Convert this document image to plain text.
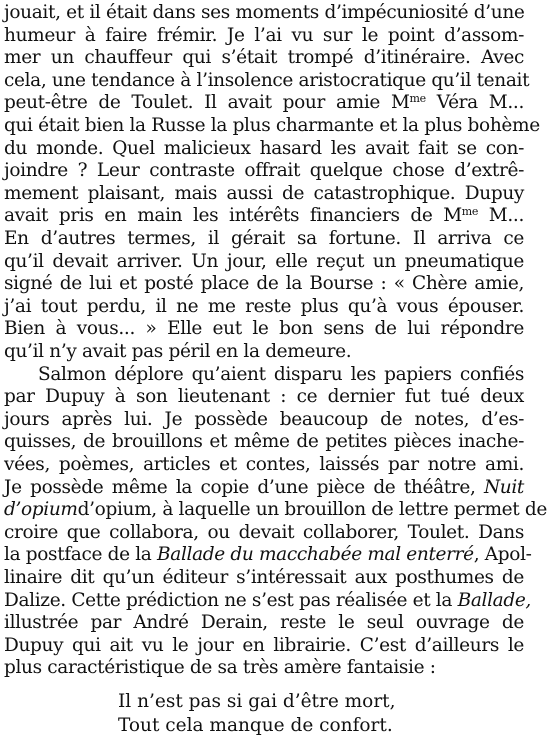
jouait, et il était dans ses moments d’impécuniosité d’une
humeur à faire frémir. Je l’ai vu sur le point d’assom-
mer un chauffeur qui s’était trompé d’itinéraire. Avec
cela, une tendance à l’insolence aristocratique qu’il tenait
peut-être de Toulet. Il avait pour amie $M^{me}$ Véra M...
qui était bien la Russe la plus charmante et la plus bohème
du monde. Quel malicieux hasard les avait fait se con-
joindre ? Leur contraste offrait quelque chose d’extrê-
mement plaisant, mais aussi de catastrophique. Dupuy
avait pris en main les intérêts financiers de $M^{me}$ M...
En d’autres termes, il gérait sa fortune. Il arriva ce
qu’il devait arriver. Un jour, elle reçut un pneumatique
signé de lui et posté place de la Bourse : « Chère amie,
j’ai tout perdu, il ne me reste plus qu’à vous épouser.
Bien à vous... » Elle eut le bon sens de lui répondre
qu’il n’y avait pas péril en la demeure.
Salmon déplore qu’aient disparu les papiers confiés
par Dupuy à son lieutenant : ce dernier fut tué deux
jours après lui. Je possède beaucoup de notes, d’es-
quisses, de brouillons et même de petites pièces inache-
vées, poèmes, articles et contes, laissés par notre ami.
Je possède même la copie d’une pièce de théâtre, Nuit
d’opiumd’opium, à laquelle un brouillon de lettre permet de
croire que collabora, ou devait collaborer, Toulet. Dans
la postface de la Ballade du macchabée mal enterré, Apol-
linaire dit qu’un éditeur s’intéressait aux posthumes de
Dalize. Cette prédiction ne s’est pas réalisée et la Ballade,
illustrée par André Derain, reste le seul ouvrage de
Dupuy qui ait vu le jour en librairie. C’est d’ailleurs le
plus caractéristique de sa très amère fantaisie :
Il n’est pas si gai d’être mort,
Tout cela manque de confort.
